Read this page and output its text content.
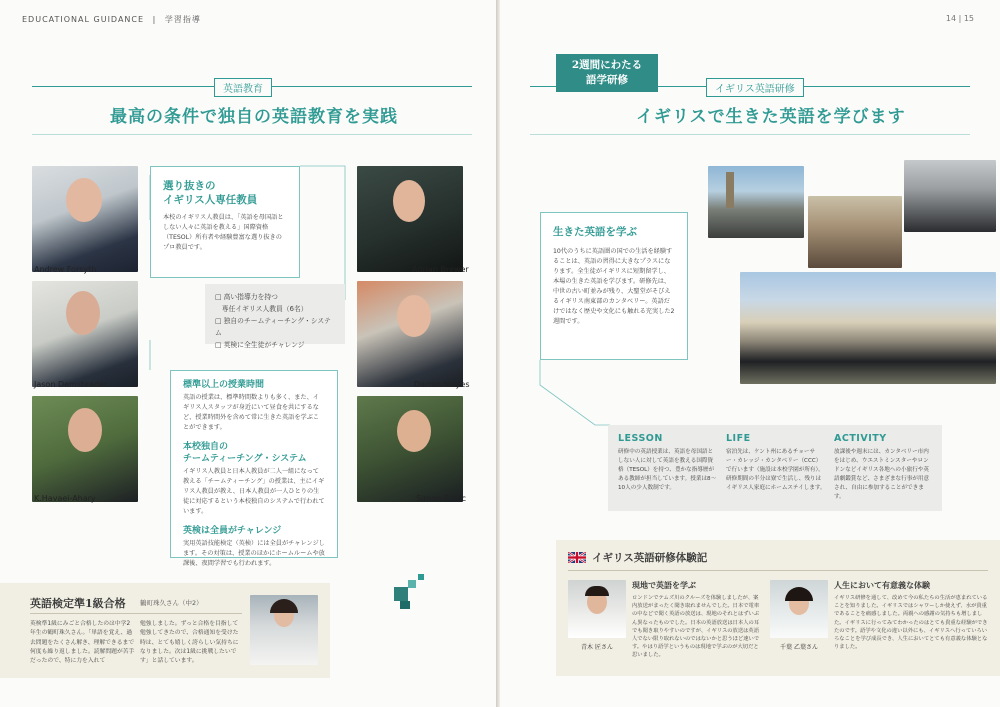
EDUCATIONAL GUIDANCE | 学習指導
英語教育
最高の条件で独自の英語教育を実践
Andrew Forsyth
Jason Demsteader
K.Havaei-Ahary
Adrian Brewer
Darren Mayes
Simon Protic
選り抜きの
イギリス人専任教員
本校のイギリス人教員は、「英語を母国語としない人々に英語を教える」国際資格（TESOL）所有者や経験豊富な選り抜きのプロ教員です。
□ 高い指導力を持つ
　専任イギリス人教員（6名）
□ 独自のチームティーチング・システム
□ 英検に全生徒がチャレンジ
標準以上の授業時間
英語の授業は、標準時間数よりも多く、また、イギリス人スタッフが身近にいて昼食を共にするなど、授業時間外を含めて常に生きた英語を学ぶことができます。
本校独自の
チームティーチング・システム
イギリス人教員と日本人教員が二人一組になって教える「チームティーチング」の授業は、主にイギリス人教員が教え、日本人教員が一人ひとりの生徒に対応するという本校独自のシステムで行われています。
英検は全員がチャレンジ
実用英語技能検定（英検）には全員がチャレンジします。その対策は、授業のほかにホームルームや放課後、夜間学習でも行われます。
英語検定準1級合格 鶴町珠久さん（中2）
英検準1級にみごと合格したのは中学2年生の鶴町珠久さん。「単語を覚え、過去問題をたくさん解き、理解できるまで何度も繰り返しました。読解問題が苦手だったので、特に力を入れて
勉強しました。ずっと合格を目指して勉強してきたので、合格通知を受けた時は、とても嬉しく誇らしい気持ちになりました。次は1級に挑戦したいです」と話しています。
14 | 15
2週間にわたる
語学研修
イギリス英語研修
イギリスで生きた英語を学びます
生きた英語を学ぶ
10代のうちに英語圏の国での生活を経験することは、英語の習得に大きなプラスになります。全生徒がイギリスに短期留学し、本場の生きた英語を学びます。研修先は、中世の古い町並みが残り、大聖堂がそびえるイギリス南東部のカンタベリー。英語だけではなく歴史や文化にも触れる充実した2週間です。
LESSON
研修中の英語授業は、英語を母国語としない人に対して英語を教える国際資格（TESOL）を持つ、豊かな指導歴がある教師が担当しています。授業は8〜10人の少人数制です。
LIFE
宿泊先は、ケント州にあるチョーサー・カレッジ・カンタベリー（CCC）で行います（施設は本校学園が所有）。研修期間の半分は寮で生活し、残りはイギリス人家庭にホームステイします。
ACTIVITY
放課後や週末には、カンタベリー市内をはじめ、ウエストミンスターやロンドンなどイギリス各地への小旅行や英語劇鑑賞など、さまざまな行事が用意され、自由に参加することができます。
イギリス英語研修体験記
青木 匠さん
現地で英語を学ぶ
ロンドンでテムズ川のクルーズを体験しましたが、案内放送がまったく聞き取れませんでした。日本で電車の中などで聞く英語の放送は、現地のそれとはずいぶん異なったものでした。日本の英語放送は日本人の耳でも聞き取りやすいのですが、イギリスの放送は英語人でない限り取れないのではないかと思うほど速いです。やはり語学というものは現地で学ぶのが大切だと思いました。
千葉 乙葉さん
人生において有意義な体験
イギリス研修を通して、改めて今の私たちの生活が恵まれていることを知りました。イギリスではシャワーしか使えず、水が貴重であることを痛感しました。両親への感謝の気持ちも増しました。イギリスに行ってみてわかったのはとても貴重な経験ができたのです。語学や文化の違い以外にも、イギリスへ行っていろいろなことを学び成長でき、人生においてとても有意義な体験となりました。
